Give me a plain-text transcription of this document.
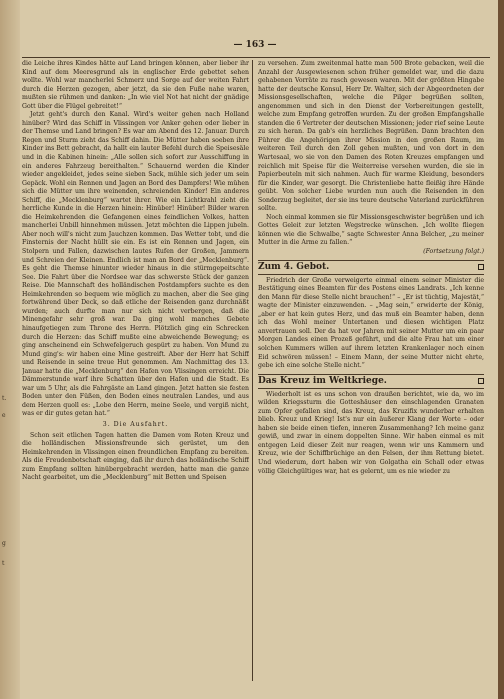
t.
e
g
t
— 163 —

die Leiche ihres Kindes hätte auf Land bringen können, aber lieber ihr Kind auf dem Meeresgrund als in englischer Erde gebettet sehen wollte. Wohl war mancherlei Schmerz und Sorge auf der weiten Fahrt durch die Herzen gezogen, aber jetzt, da sie den Fuße nahe waren, mußten sie rühmen und danken: „In wie viel Not hat nicht der gnädige Gott über die Flügel gebreitet!“

Jetzt geht's durch den Kanal. Wird's weiter gehen nach Holland hinüber? Wird das Schiff in Vlissingen vor Anker gehen oder lieber in der Themse und Land bringen? Es war am Abend des 12. Januar. Durch Regen und Sturm zieht das Schiff dahin. Die Mütter haben soeben ihre Kinder ins Bett gebracht, da hallt ein lauter Befehl durch die Speisesäle und in die Kabinen hinein: „Alle sollen sich sofort zur Ausschiffung in ein anderes Fahrzeug bereithalten.“ Schauernd werden die Kinder wieder angekleidet, jedes seine sieben Sack, mühle sich jeder um sein Gepäck. Wohl ein Rennen und Jagen an Bord des Dampfers! Wie mühen sich die Mütter um ihre weinenden, schreienden Kinder! Ein anderes Schiff, die „Mecklenburg“ wartet ihrer. Wie ein Lichtkrahl zieht die herrliche Kunde in die Herzen hinein: Hinüber! Hinüber! Bilder waren die Heimkehrenden die Gefangenen eines feindlichen Volkes, hatten mancherlei Unbill hinnehmen müssen. Jetzt möchten die Lippen jubeln. Aber noch will's nicht zum Jauchzen kommen. Das Wetter tobt, und die Finsternis der Nacht hüllt sie ein. Es ist ein Rennen und Jagen, ein Stolpern und Fallen, dazwischen lautes Rufen der Großen, Jammern und Schreien der Kleinen. Endlich ist man an Bord der „Mecklenburg“. Es geht die Themse hinunter wieder hinaus in die stürmgepeitschte See. Die Fahrt über die Nordsee war das schwerste Stück der ganzen Reise. Die Mannschaft des holländischen Postdampfers suchte es den Heimkehrenden so bequem wie möglich zu machen, aber die See ging fortwährend über Deck, so daß etliche der Reisenden ganz durchnäßt wurden; auch durfte man nur sich nicht verbergen, daß die Minengefahr sehr groß war. Da ging wohl manches Gebete hinaufgetiegen zum Throne des Herrn. Plötzlich ging ein Schrecken durch die Herzen: das Schiff mußte eine abweichende Bewegung; es ging anscheinend ein Schwefelgeruch gespürt zu haben. Von Mund zu Mund ging's: wir haben eine Mine gestreift. Aber der Herr hat Schiff und Reisende in seine treue Hut genommen. Am Nachmittag des 13. Januar hatte die „Mecklenburg“ den Hafen von Vlissingen erreicht. Die Dämmerstunde warf ihre Schatten über den Hafen und die Stadt. Es war um 5 Uhr, als die Fahrgäste an Land gingen. Jetzt hatten sie festen Boden unter den Füßen, den Boden eines neutralen Landes, und aus dem Herzen quoll es: „Lobe den Herrn, meine Seele, und vergiß nicht, was er dir gutes getan hat.“

3. Die Ausfahrt.

Schon seit etlichen Tagen hatten die Damen vom Roten Kreuz und die holländischen Missionsfreunde sich gerüstet, um den Heimkehrenden in Vlissingen einen freundlichen Empfang zu bereiten. Als die Freudenbotschaft einging, daß ihr durch das holländische Schiff zum Empfang sollten hinübergebracht werden, hatte man die ganze Nacht gearbeitet, um die „Mecklenburg“ mit Betten und Speisen

zu versehen. Zum zweitenmal hatte man 500 Brote gebacken, weil die Anzahl der Ausgewiesenen schon früher gemeldet war, und die dazu gehabenen Vorräte zu rasch gewesen waren. Mit der größten Hingabe hatte der deutsche Konsul, Herr Dr. Walter, sich der Abgeordneten der Missionsgesellschaften, welche die Pilger begrüßen sollten, angenommen und sich in den Dienst der Vorbereitungen gestellt, welche zum Empfang getroffen wurden. Zu der großen Empfangshalle standen die 6 Vertreter der deutschen Missionen; jeder rief seine Leute zu sich heran. Da gab's ein herzliches Begrüßen. Dann brachten den Führer die Angehörigen ihrer Mission in den großen Raum, im weiteren Teil durch den Zoll gehen mußten, und von dort in den Wartesaal, wo sie von den Damen des Roten Kreuzes empfangen und reichlich mit Speise für die Weiterreise versehen wurden, die sie in Papierbeuteln mit sich nahmen. Auch für warme Kleidung, besonders für die Kinder, war gesorgt. Die Christenliebe hatte fleißig ihre Hände geübt. Von solcher Liebe wurden nun auch die Reisenden in den Sonderzug begleitet, der sie ins teure deutsche Vaterland zurückführen sollte.

Noch einmal kommen sie für Missionsgeschwister begrüßen und ich Gottes Geleit zur letzten Wegstrecke wünschen. „Ich wollte fliegen können wie die Schwalbe,“ sagte Schwester Anna Belcher, „zu meiner Mutter in die Arme zu fallen.“

(Fortsetzung folgt.)

Zum 4. Gebot.

Friedrich der Große verweigerte einmal einem seiner Minister die Bestätigung eines Beamten für des Postens eines Landrats. „Ich kenne den Mann für diese Stelle nicht brauchen!“ – „Er ist tüchtig, Majestät,“ wagte der Minister einzuwenden. – „Mag sein,“ erwiderte der König, „aber er hat kein gutes Herz, und das muß ein Beamter haben, denn ich das Wohl meiner Untertanen und diesen wichtigen Platz anvertrauen soll. Der da hat vor Jahren mit seiner Mutter um ein paar Morgen Landes einen Prozeß geführt, und die alte Frau hat um einer solchen Kummers willen auf ihrem letzten Krankenlager noch einen Eid schwören müssen! – Einem Mann, der seine Mutter nicht ehrte, gebe ich eine solche Stelle nicht.“

Das Kreuz im Weltkriege.

Wiederholt ist es uns schon von draußen berichtet, wie da, wo im wilden Kriegssturm die Gotteshäuser den einschlagenden Granaten zum Opfer gefallen sind, das Kreuz, das Kruzifix wunderbar erhalten blieb. Kreuz und Krieg! Ist's nur ein äußerer Klang der Worte – oder haben sie beide einen tiefen, inneren Zusammenhang? Ich meine ganz gewiß, und zwar in einem doppelten Sinne. Wir haben einmal es mit entgegen Leid dieser Zeit nur reagen, wenn wir uns Kammern und Kreuz, wie der Schiffbrüchige an den Felsen, der ihm Rettung bietet. Und wiederum, dort haben wir von Golgatha ein Schall oder etwas völlig Gleichgültiges war, hat es gelernt, um es nie wieder zu
